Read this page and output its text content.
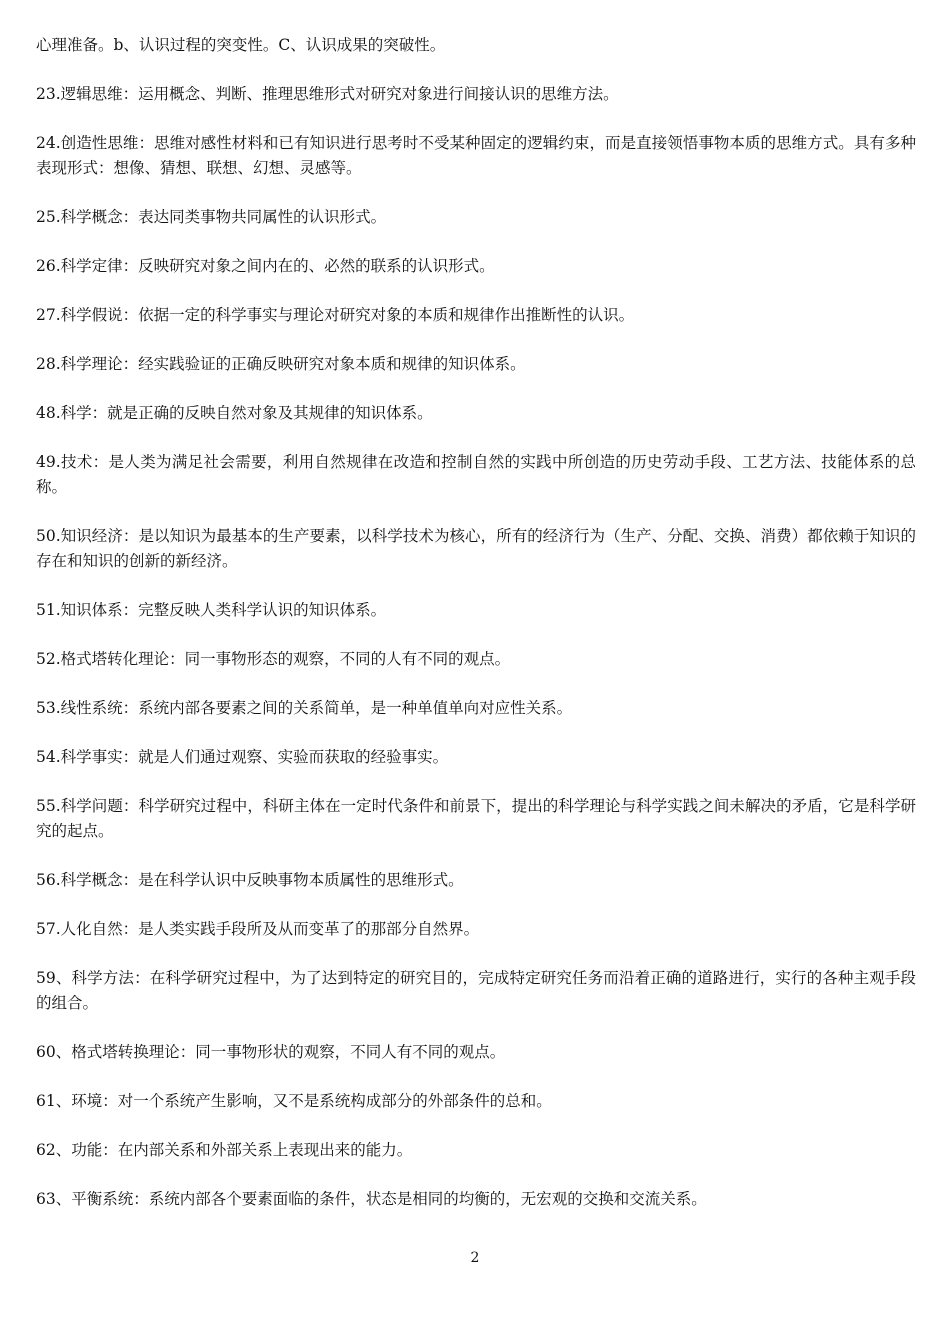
心理准备。b、认识过程的突变性。C、认识成果的突破性。

23.逻辑思维：运用概念、判断、推理思维形式对研究对象进行间接认识的思维方法。

24.创造性思维：思维对感性材料和已有知识进行思考时不受某种固定的逻辑约束，而是直接领悟事物本质的思维方式。具有多种表现形式：想像、猜想、联想、幻想、灵感等。

25.科学概念：表达同类事物共同属性的认识形式。

26.科学定律：反映研究对象之间内在的、必然的联系的认识形式。

27.科学假说：依据一定的科学事实与理论对研究对象的本质和规律作出推断性的认识。

28.科学理论：经实践验证的正确反映研究对象本质和规律的知识体系。

48.科学：就是正确的反映自然对象及其规律的知识体系。

49.技术：是人类为满足社会需要，利用自然规律在改造和控制自然的实践中所创造的历史劳动手段、工艺方法、技能体系的总称。

50.知识经济：是以知识为最基本的生产要素，以科学技术为核心，所有的经济行为（生产、分配、交换、消费）都依赖于知识的存在和知识的创新的新经济。

51.知识体系：完整反映人类科学认识的知识体系。

52.格式塔转化理论：同一事物形态的观察，不同的人有不同的观点。

53.线性系统：系统内部各要素之间的关系简单，是一种单值单向对应性关系。

54.科学事实：就是人们通过观察、实验而获取的经验事实。

55.科学问题：科学研究过程中，科研主体在一定时代条件和前景下，提出的科学理论与科学实践之间未解决的矛盾，它是科学研究的起点。

56.科学概念：是在科学认识中反映事物本质属性的思维形式。

57.人化自然：是人类实践手段所及从而变革了的那部分自然界。

59、科学方法：在科学研究过程中，为了达到特定的研究目的，完成特定研究任务而沿着正确的道路进行，实行的各种主观手段的组合。

60、格式塔转换理论：同一事物形状的观察，不同人有不同的观点。

61、环境：对一个系统产生影响，又不是系统构成部分的外部条件的总和。

62、功能：在内部关系和外部关系上表现出来的能力。

63、平衡系统：系统内部各个要素面临的条件，状态是相同的均衡的，无宏观的交换和交流关系。

2
